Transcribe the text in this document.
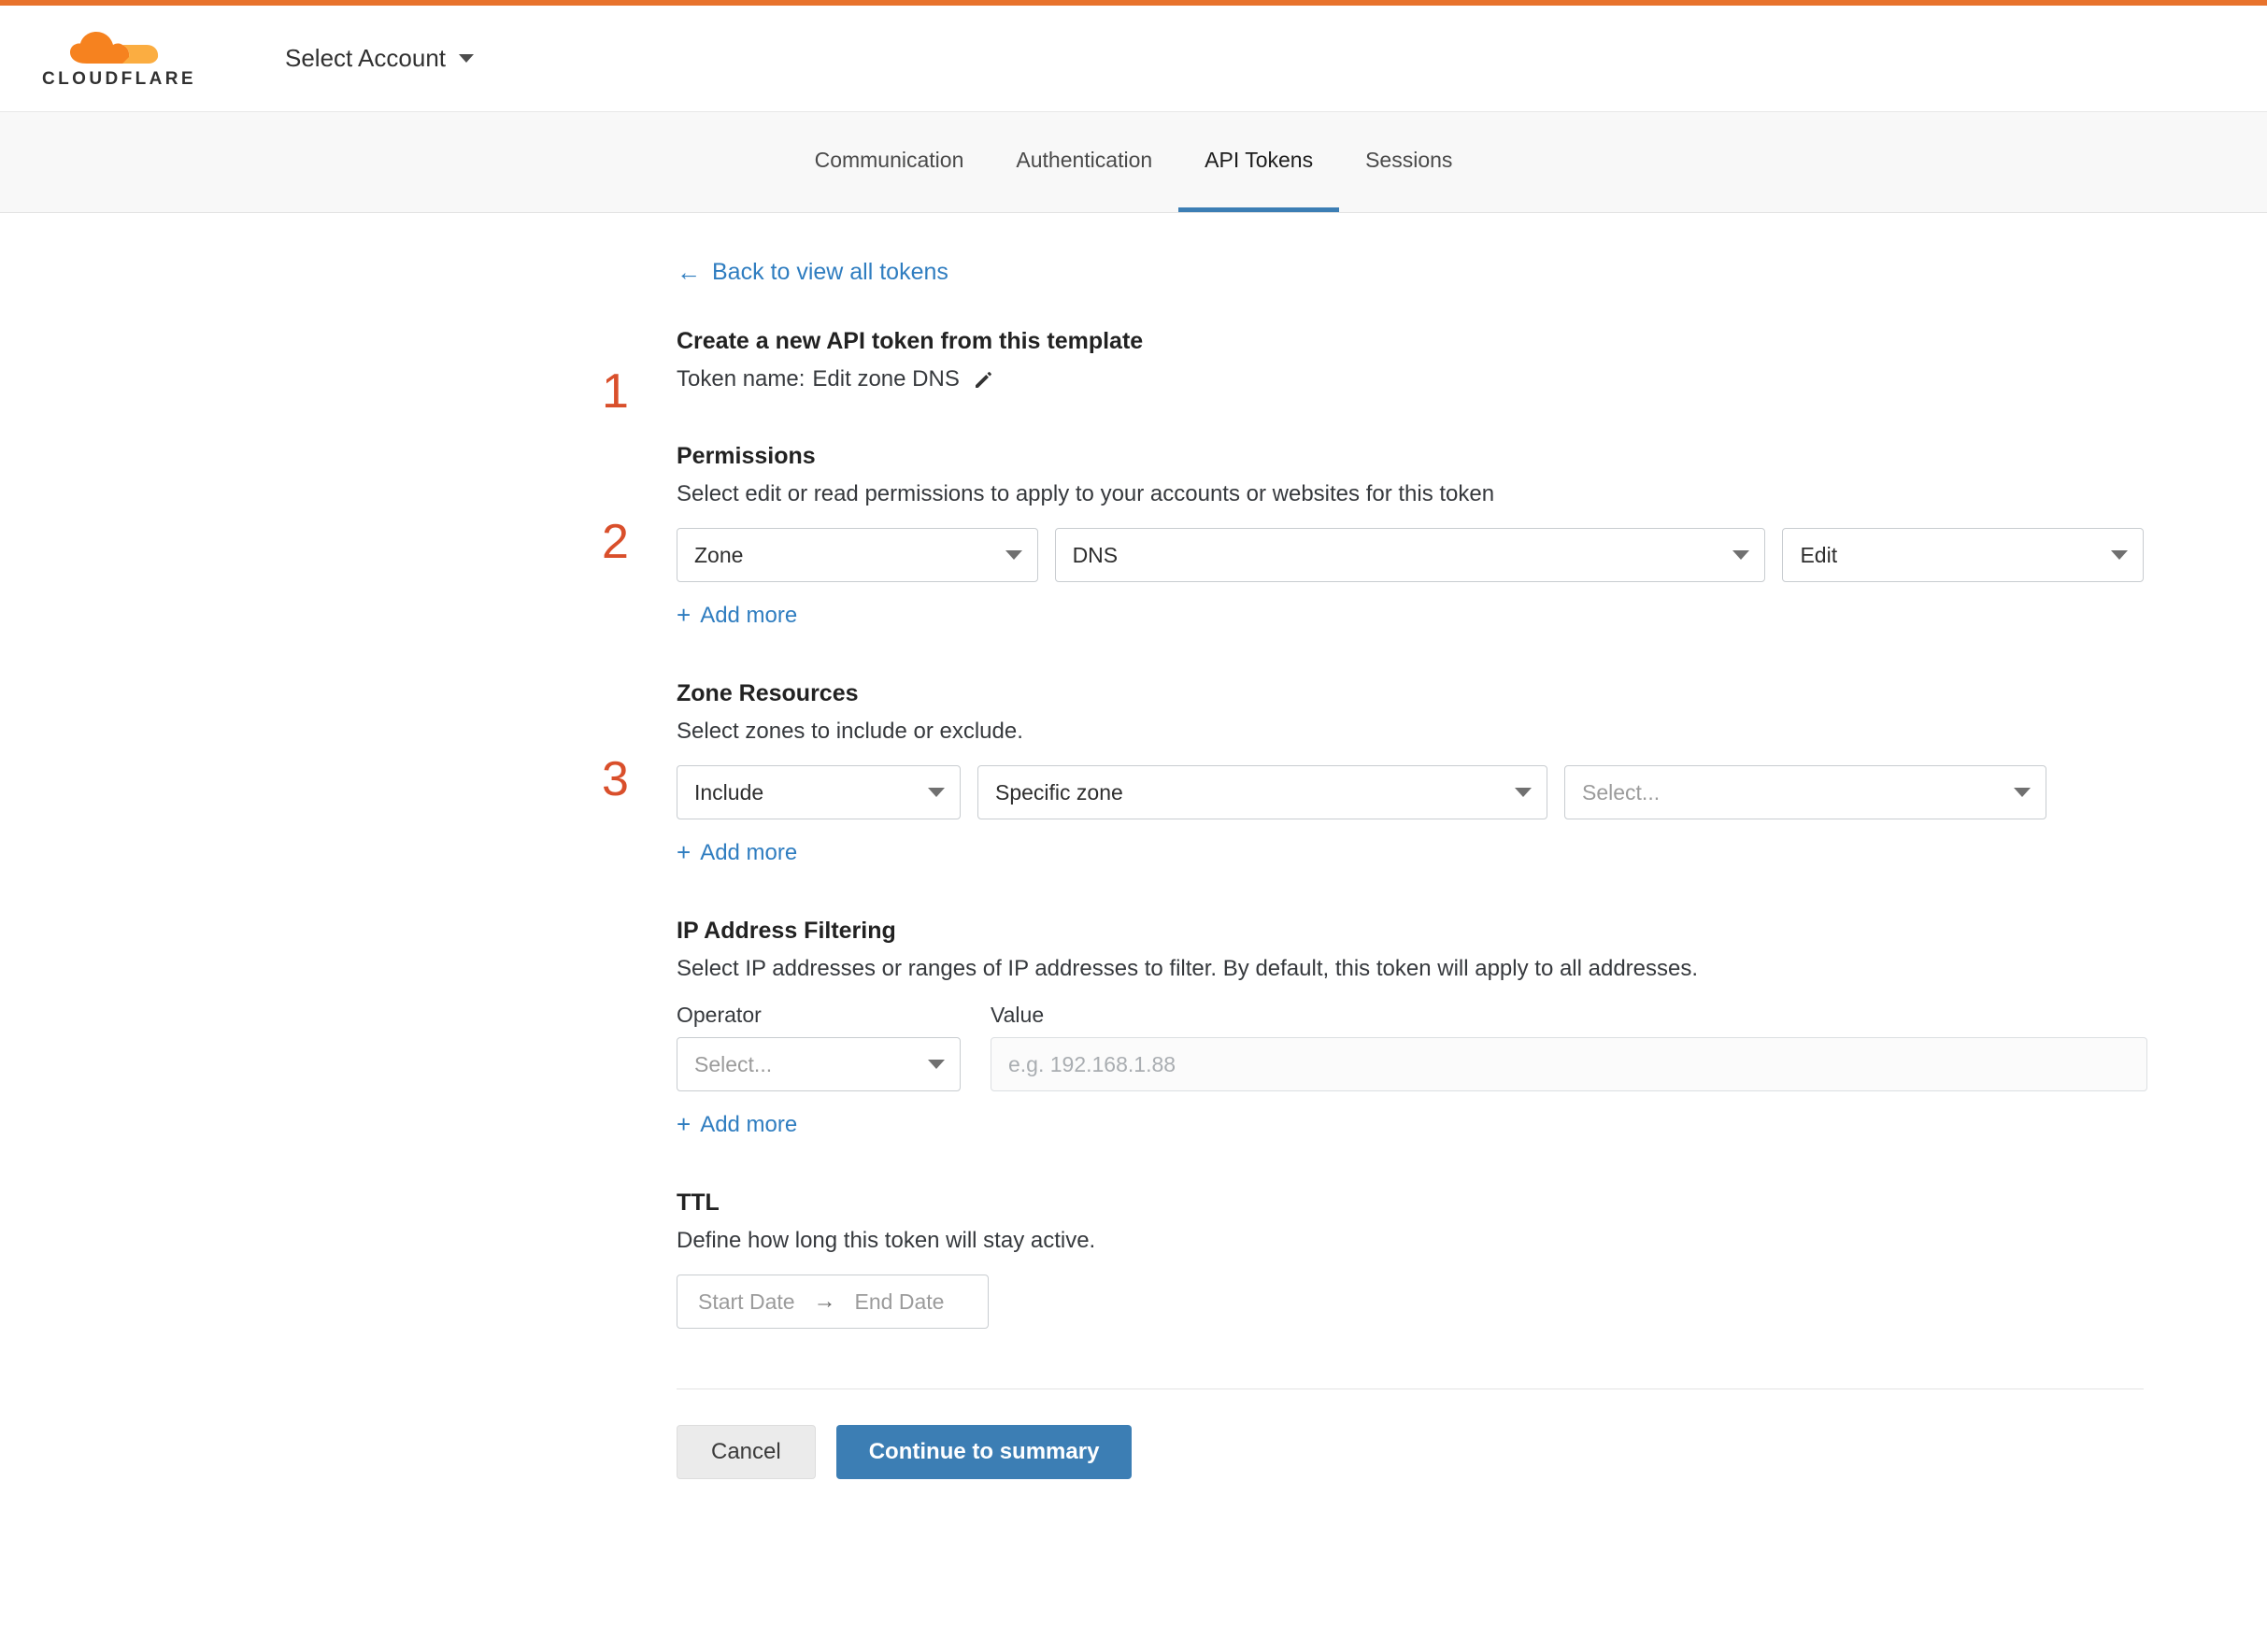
CLOUDFLARE
Select Account
Communication Authentication API Tokens Sessions
← Back to view all tokens
1
Create a new API token from this template
Token name: Edit zone DNS
2
Permissions

Select edit or read permissions to apply to your accounts or websites for this token

Zone	DNS	Edit
+ Add more
3
Zone Resources

Select zones to include or exclude.

Include	Specific zone	Select...
+ Add more
IP Address Filtering

Select IP addresses or ranges of IP addresses to filter. By default, this token will apply to all addresses.

Operator
Select...
Value
e.g. 192.168.1.88
+ Add more
TTL

Define how long this token will stay active.

Start Date → End Date
Cancel	Continue to summary
